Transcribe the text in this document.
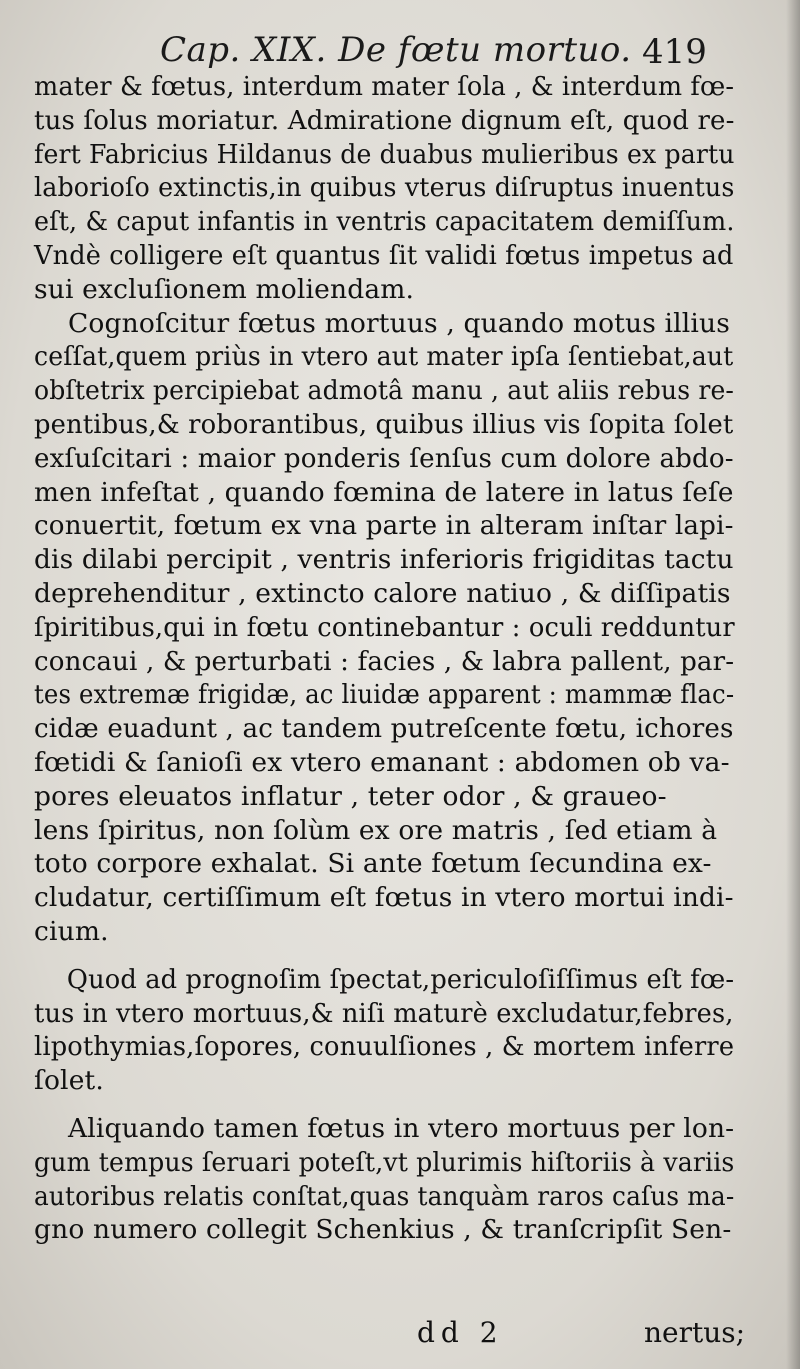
Cap. XIX. De fœtu mortuo. 419
mater & fœtus, interdum mater ſola , & interdum fœ-
tus ſolus moriatur. Admiratione dignum eſt, quod re-
fert Fabricius Hildanus de duabus mulieribus ex partu
laborioſo extinctis,in quibus vterus diſruptus inuentus
eſt, & caput infantis in ventris capacitatem demiſſum.
Vndè colligere eſt quantus ſit validi fœtus impetus ad
sui excluſionem moliendam.
Cognoſcitur fœtus mortuus , quando motus illius
ceſſat,quem priùs in vtero aut mater ipſa ſentiebat,aut
obſtetrix percipiebat admotâ manu , aut aliis rebus re-
pentibus,& roborantibus, quibus illius vis ſopita ſolet
exſuſcitari : maior ponderis ſenſus cum dolore abdo-
men infeſtat , quando fœmina de latere in latus ſeſe
conuertit, fœtum ex vna parte in alteram inſtar lapi-
dis dilabi percipit , ventris inferioris frigiditas tactu
deprehenditur , extincto calore natiuo , & diſſipatis
ſpiritibus,qui in fœtu continebantur : oculi redduntur
concaui , & perturbati : facies , & labra pallent, par-
tes extremæ frigidæ, ac liuidæ apparent : mammæ flac-
cidæ euadunt , ac tandem putreſcente fœtu, ichores
fœtidi & ſanioſi ex vtero emanant : abdomen ob va-
pores eleuatos inflatur , teter odor , & graueo-
lens ſpiritus, non ſolùm ex ore matris , ſed etiam à
toto corpore exhalat. Si ante fœtum ſecundina ex-
cludatur, certiſſimum eſt fœtus in vtero mortui indi-
cium.
Quod ad prognoſim ſpectat,periculoſiſſimus eſt fœ-
tus in vtero mortuus,& niſi maturè excludatur,febres,
lipothymias,ſopores, conuulſiones , & mortem inferre
ſolet.
Aliquando tamen fœtus in vtero mortuus per lon-
gum tempus ſeruari poteſt,vt plurimis hiſtoriis à variis
autoribus relatis conſtat,quas tanquàm raros caſus ma-
gno numero collegit Schenkius , & tranſcripſit Sen-
dd 2	nertus;
